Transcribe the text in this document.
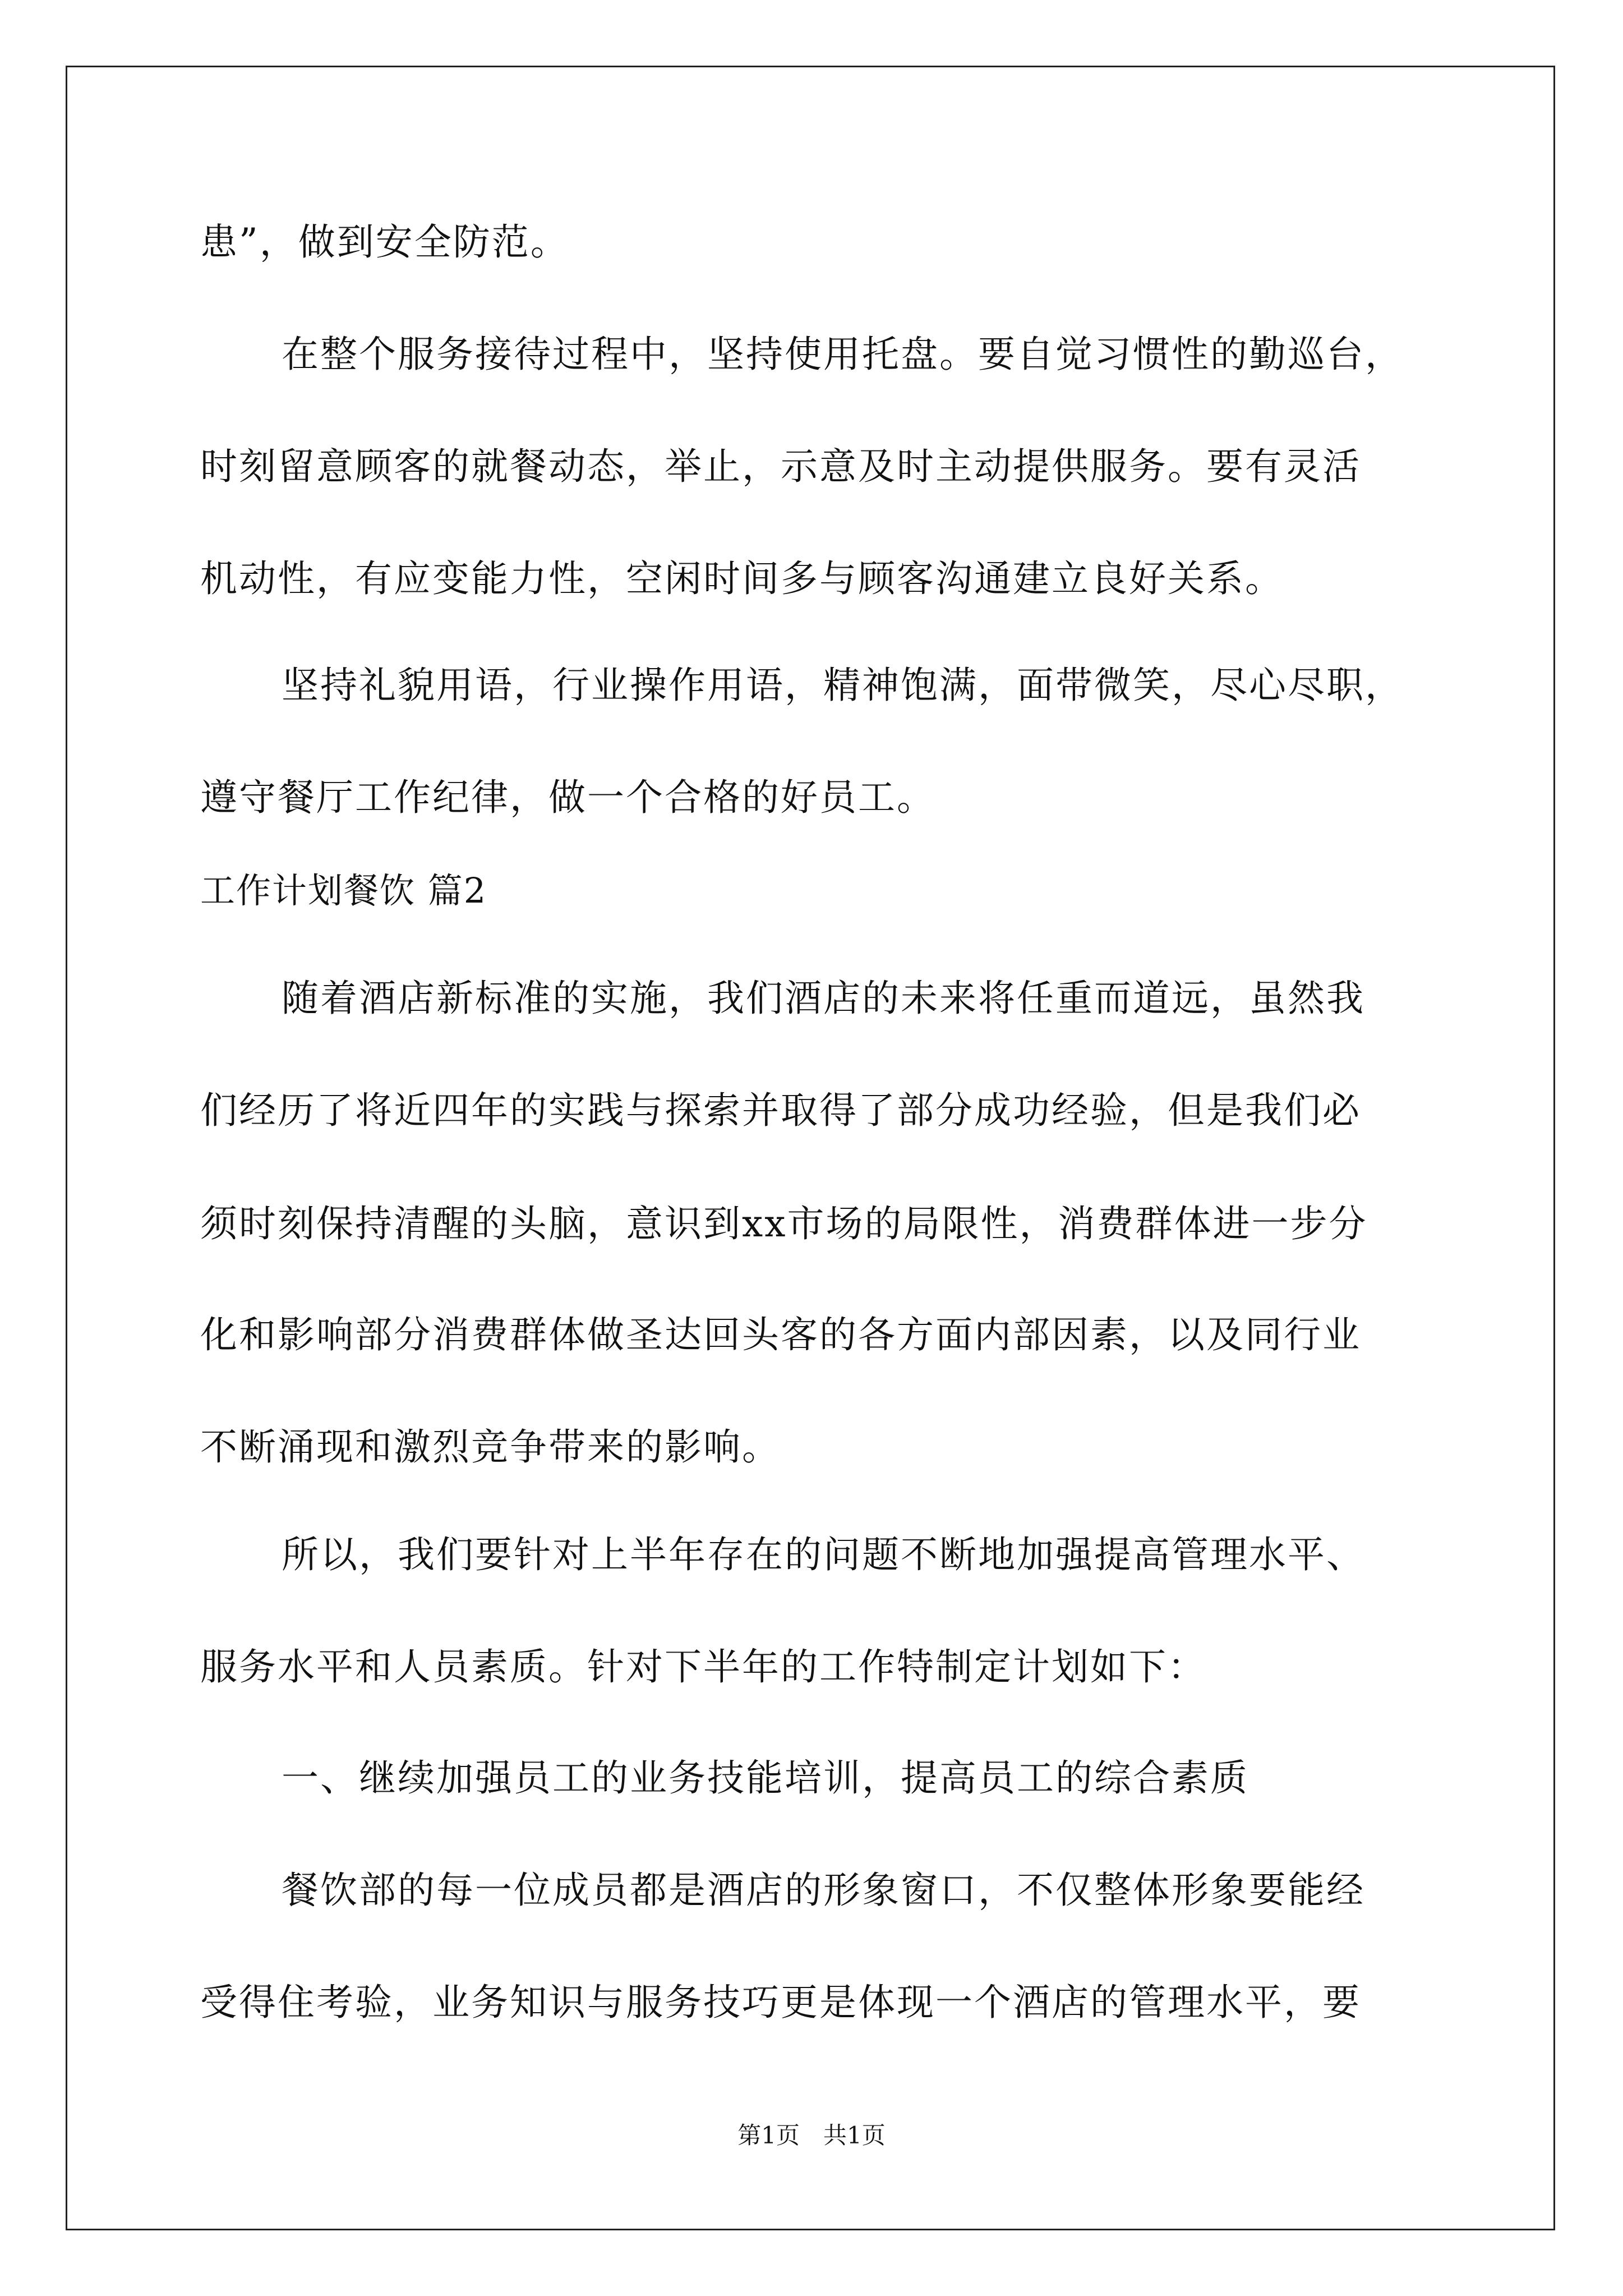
患”，做到安全防范。
在整个服务接待过程中，坚持使用托盘。要自觉习惯性的勤巡台，
时刻留意顾客的就餐动态，举止，示意及时主动提供服务。要有灵活
机动性，有应变能力性，空闲时间多与顾客沟通建立良好关系。
坚持礼貌用语，行业操作用语，精神饱满，面带微笑，尽心尽职，
遵守餐厅工作纪律，做一个合格的好员工。
工作计划餐饮 篇2
随着酒店新标准的实施，我们酒店的未来将任重而道远，虽然我
们经历了将近四年的实践与探索并取得了部分成功经验，但是我们必
须时刻保持清醒的头脑，意识到xx市场的局限性，消费群体进一步分
化和影响部分消费群体做圣达回头客的各方面内部因素，以及同行业
不断涌现和激烈竞争带来的影响。
所以，我们要针对上半年存在的问题不断地加强提高管理水平、
服务水平和人员素质。针对下半年的工作特制定计划如下：
一、继续加强员工的业务技能培训，提高员工的综合素质
餐饮部的每一位成员都是酒店的形象窗口，不仅整体形象要能经
受得住考验，业务知识与服务技巧更是体现一个酒店的管理水平，要
第1页　共1页
